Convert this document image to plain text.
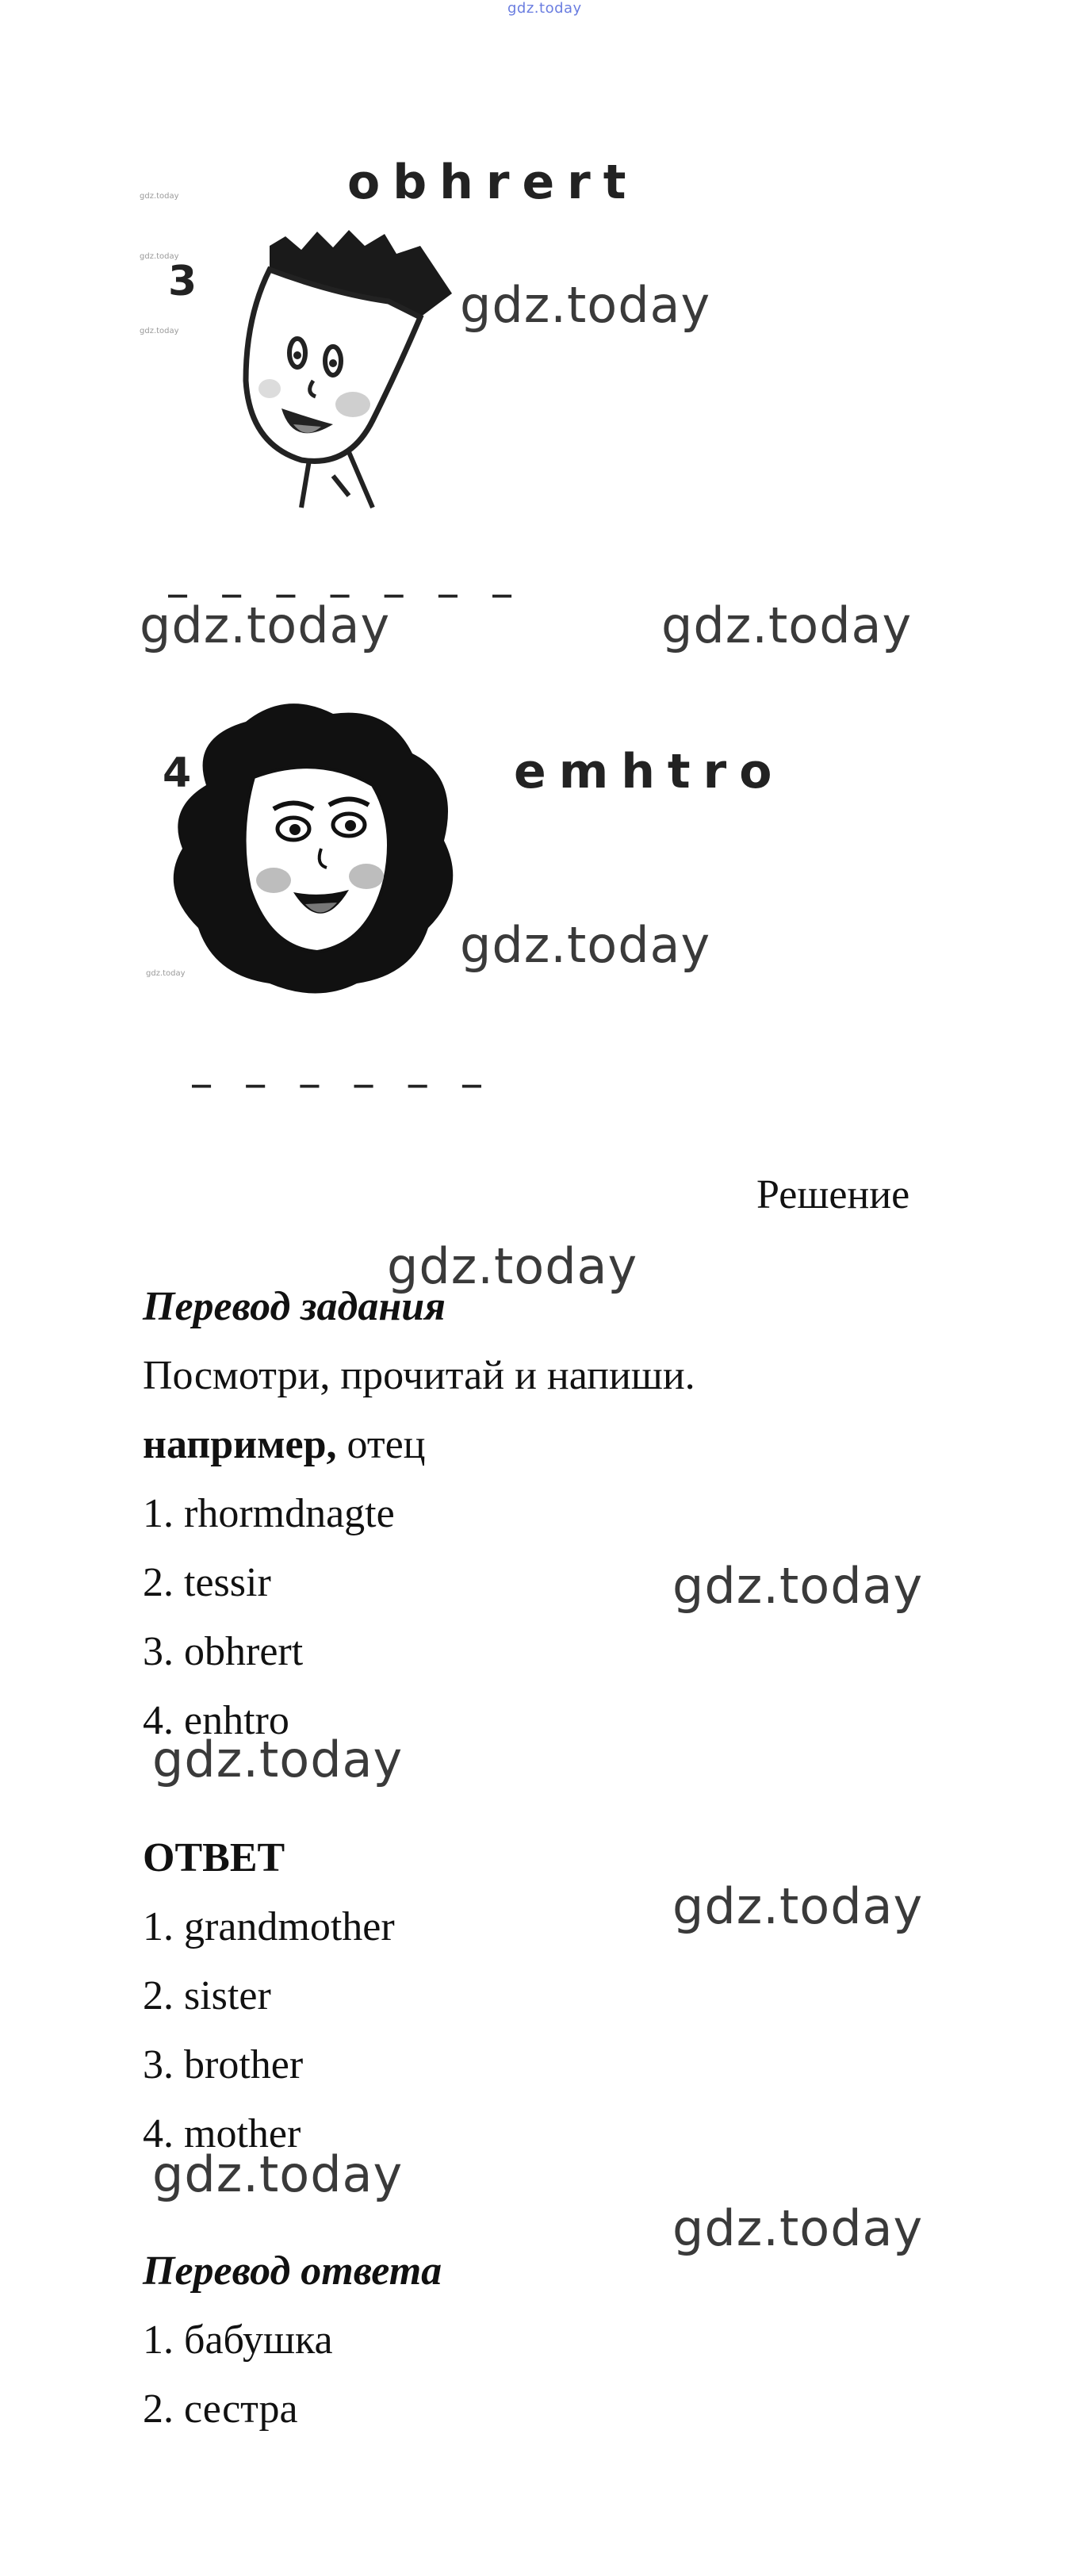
gdz.today
obhrert
gdz.today
gdz.today
gdz.today
3	gdz.today
_ _ _ _ _ _ _
gdz.today	gdz.today
4	emhtro
gdz.today	gdz.today
_ _ _ _ _ _
Решение
gdz.today
Перевод задания
Посмотри, прочитай и напиши.
например, отец
1. rhormdnagte
2. tessir	gdz.today
3. obhrert
4. enhtro
gdz.today
ОТВЕТ
gdz.today
1. grandmother
2. sister
3. brother
4. mother
gdz.today
gdz.today
Перевод ответа
1. бабушка
2. сестра
